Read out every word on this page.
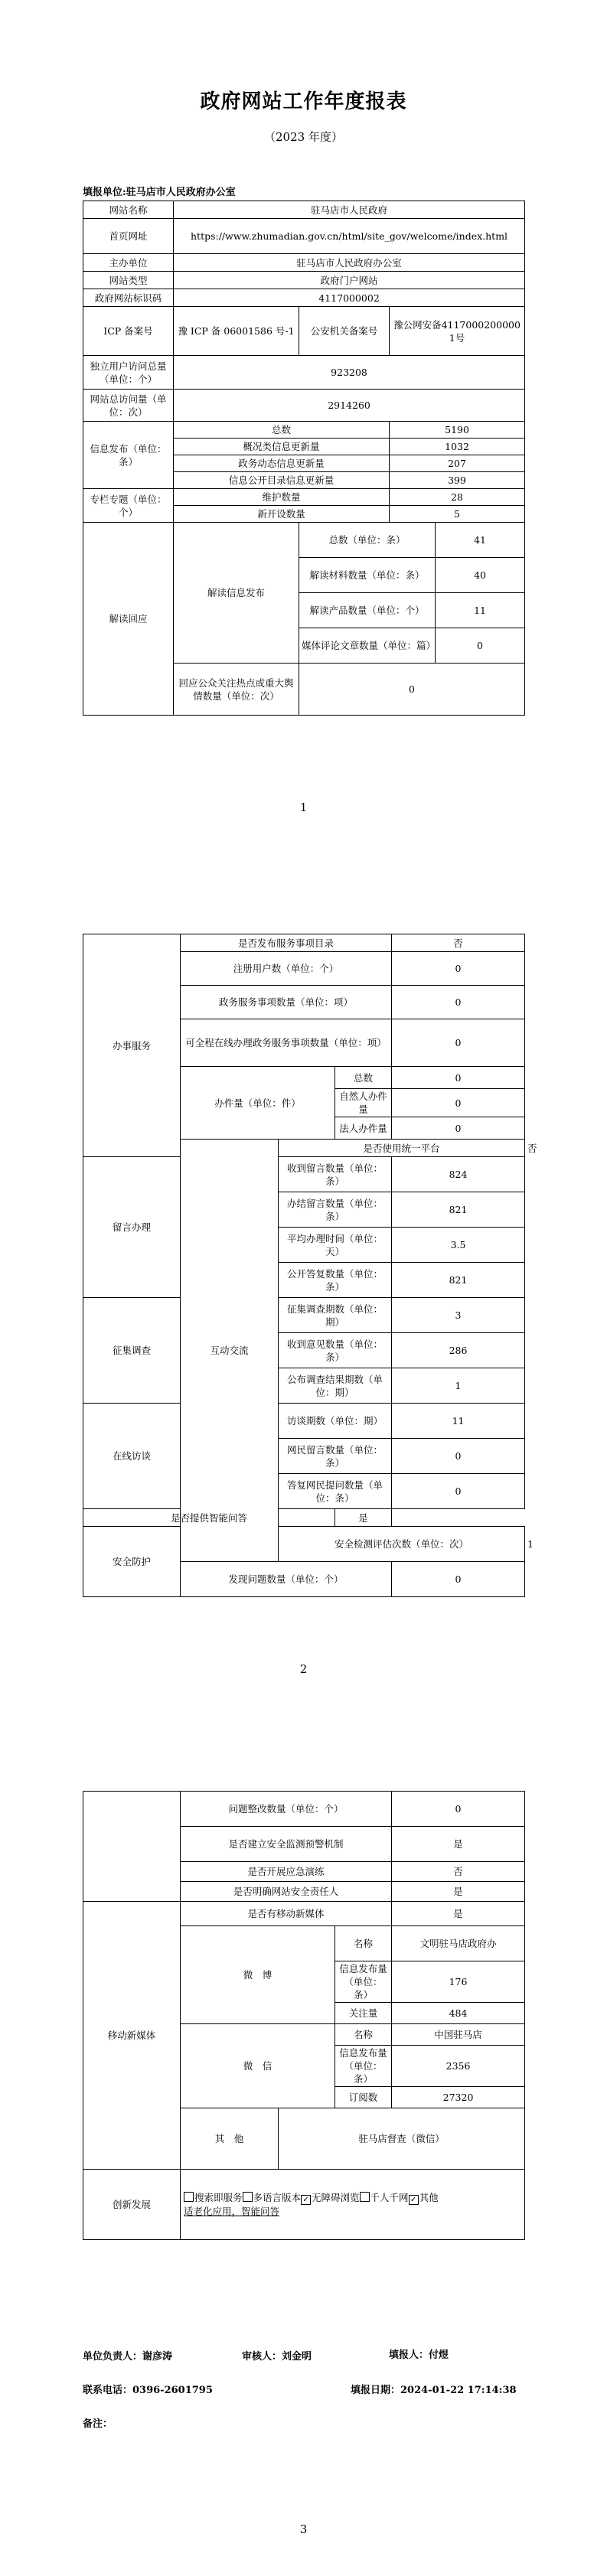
政府网站工作年度报表
（2023 年度）
填报单位:驻马店市人民政府办公室
网站名称	驻马店市人民政府			
首页网址	https://www.zhumadian.gov.cn/html/site_gov/welcome/index.html			
主办单位	驻马店市人民政府办公室			
网站类型	政府门户网站			
政府网站标识码	4117000002			
ICP 备案号	豫 ICP 备 06001586 号-1	公安机关备案号	豫公网安备41170002000001号	
独立用户访问总量（单位：个）	923208			
网站总访问量（单位：次）	2914260			
信息发布（单位：条）	总数		5190	
	概况类信息更新量		1032	
	政务动态信息更新量		207	
	信息公开目录信息更新量		399	
专栏专题（单位：个）	维护数量		28	
	新开设数量		5	
解读回应	解读信息发布	总数（单位：条）		41
		解读材料数量（单位：条）		40
		解读产品数量（单位：个）		11
		媒体评论文章数量（单位：篇）		0
	回应公众关注热点或重大舆情数量（单位：次）	0		
1
办事服务	是否发布服务事项目录			否	
	注册用户数（单位：个）			0	
	政务服务事项数量（单位：项）			0	
	可全程在线办理政务服务事项数量（单位：项）			0	
	办件量（单位：件）		总数	0	
			自然人办件量	0	
			法人办件量	0	
	互动交流	是否使用统一平台			否
留言办理		收到留言数量（单位：条）		824	
		办结留言数量（单位：条）		821	
		平均办理时间（单位：天）		3.5	
		公开答复数量（单位：条）		821	
征集调查		征集调查期数（单位：期）		3	
		收到意见数量（单位：条）		286	
		公布调查结果期数（单位：期）		1	
在线访谈		访谈期数（单位：期）		11	
		网民留言数量（单位：条）		0	
		答复网民提问数量（单位：条）		0	
是否提供智能问答			是		
安全防护		安全检测评估次数（单位：次）			1
	发现问题数量（单位：个）			0	
2
	问题整改数量（单位：个）			0
	是否建立安全监测预警机制			是
	是否开展应急演练			否
	是否明确网站安全责任人			是
移动新媒体	是否有移动新媒体			是
	微　博		名称	文明驻马店政府办
			信息发布量（单位：条）	176
			关注量	484
	微　信		名称	中国驻马店
			信息发布量（单位：条）	2356
			订阅数	27320
	其　他	驻马店督查（微信）		
创新发展	搜索即服务 多语言版本 ✓ 无障碍浏览 千人千网 ✓ 其他
适老化应用，智能问答			
单位负责人：谢彦涛	审核人：刘金明	填报人：付煜
联系电话：0396-2601795	填报日期：2024-01-22 17:14:38
备注：
3
